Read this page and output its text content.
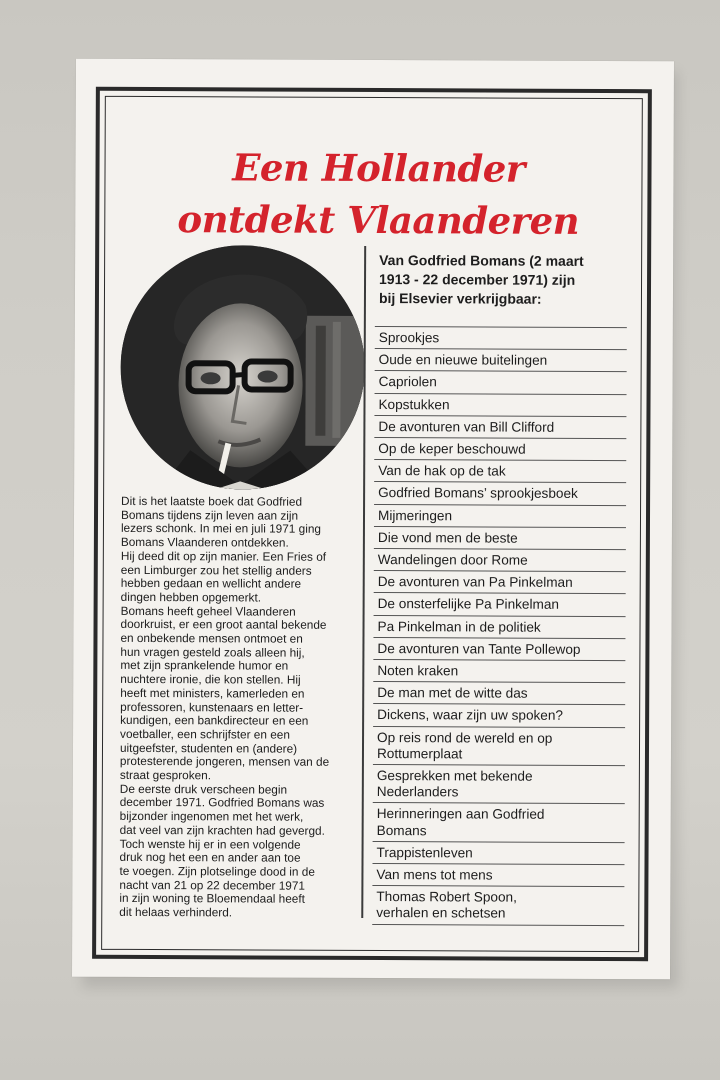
Een Hollander
ontdekt Vlaanderen
Dit is het laatste boek dat Godfried
Bomans tijdens zijn leven aan zijn
lezers schonk. In mei en juli 1971 ging
Bomans Vlaanderen ontdekken.
Hij deed dit op zijn manier. Een Fries of
een Limburger zou het stellig anders
hebben gedaan en wellicht andere
dingen hebben opgemerkt.
Bomans heeft geheel Vlaanderen
doorkruist, er een groot aantal bekende
en onbekende mensen ontmoet en
hun vragen gesteld zoals alleen hij,
met zijn sprankelende humor en
nuchtere ironie, die kon stellen. Hij
heeft met ministers, kamerleden en
professoren, kunstenaars en letter-
kundigen, een bankdirecteur en een
voetballer, een schrijfster en een
uitgeefster, studenten en (andere)
protesterende jongeren, mensen van de
straat gesproken.
De eerste druk verscheen begin
december 1971. Godfried Bomans was
bijzonder ingenomen met het werk,
dat veel van zijn krachten had gevergd.
Toch wenste hij er in een volgende
druk nog het een en ander aan toe
te voegen. Zijn plotselinge dood in de
nacht van 21 op 22 december 1971
in zijn woning te Bloemendaal heeft
dit helaas verhinderd.
Van Godfried Bomans (2 maart
1913 - 22 december 1971) zijn
bij Elsevier verkrijgbaar:
Sprookjes
Oude en nieuwe buitelingen
Capriolen
Kopstukken
De avonturen van Bill Clifford
Op de keper beschouwd
Van de hak op de tak
Godfried Bomans’ sprookjesboek
Mijmeringen
Die vond men de beste
Wandelingen door Rome
De avonturen van Pa Pinkelman
De onsterfelijke Pa Pinkelman
Pa Pinkelman in de politiek
De avonturen van Tante Pollewop
Noten kraken
De man met de witte das
Dickens, waar zijn uw spoken?
Op reis rond de wereld en op
Rottumerplaat
Gesprekken met bekende
Nederlanders
Herinneringen aan Godfried
Bomans
Trappistenleven
Van mens tot mens
Thomas Robert Spoon,
verhalen en schetsen
